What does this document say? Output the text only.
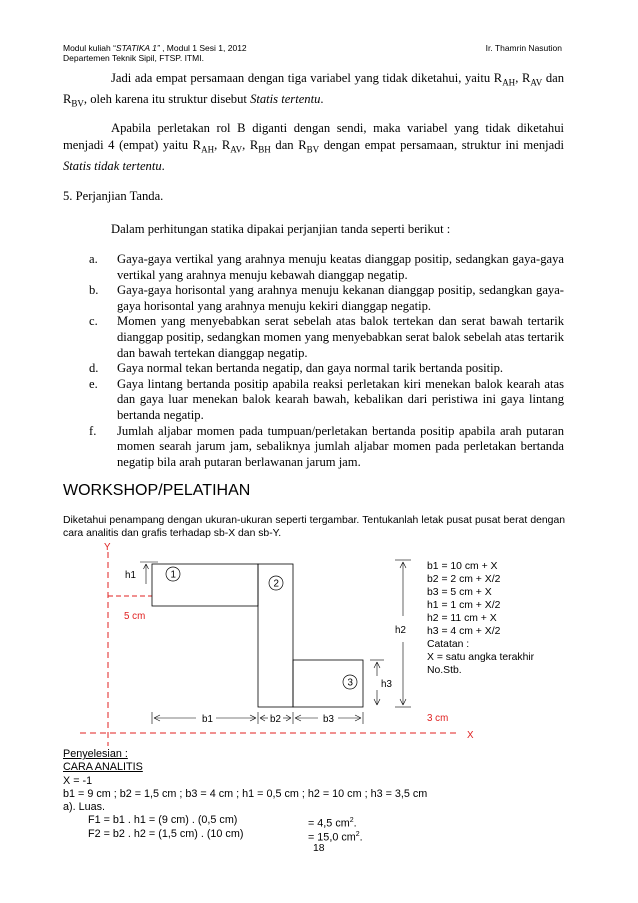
Modul kuliah “STATIKA 1” , Modul 1 Sesi 1, 2012
Departemen Teknik Sipil, FTSP. ITMI.
Ir. Thamrin Nasution
Jadi ada empat persamaan dengan tiga variabel yang tidak diketahui, yaitu $R_{AH}$, $R_{AV}$ dan $R_{BV}$, oleh karena itu struktur disebut Statis tertentu.
Apabila perletakan rol B diganti dengan sendi, maka variabel yang tidak diketahui menjadi 4 (empat) yaitu $R_{AH}$, $R_{AV}$, $R_{BH}$ dan $R_{BV}$ dengan empat persamaan, struktur ini menjadi Statis tidak tertentu.
5. Perjanjian Tanda.
Dalam perhitungan statika dipakai perjanjian tanda seperti berikut :
a.	Gaya-gaya vertikal yang arahnya menuju keatas dianggap positip, sedangkan gaya-gaya vertikal yang arahnya menuju kebawah dianggap negatip.
b.	Gaya-gaya horisontal yang arahnya menuju kekanan dianggap positip, sedangkan gaya-gaya horisontal yang arahnya menuju kekiri dianggap negatip.
c.	Momen yang menyebabkan serat sebelah atas balok tertekan dan serat bawah tertarik dianggap positip, sedangkan momen yang menyebabkan serat balok sebelah atas tertarik dan bawah tertekan dianggap negatip.
d.	Gaya normal tekan bertanda negatip, dan gaya normal tarik bertanda positip.
e.	Gaya lintang bertanda positip apabila reaksi perletakan kiri menekan balok kearah atas dan gaya luar menekan balok kearah bawah, kebalikan dari peristiwa ini gaya lintang bertanda negatip.
f.	Jumlah aljabar momen pada tumpuan/perletakan bertanda positip apabila arah putaran momen searah jarum jam, sebaliknya jumlah aljabar momen pada perletakan bertanda negatip bila arah putaran berlawanan jarum jam.
WORKSHOP/PELATIHAN
Diketahui penampang dengan ukuran-ukuran seperti tergambar. Tentukanlah letak pusat pusat berat dengan cara analitis dan grafis terhadap sb-X dan sb-Y.
Y
X
5 cm
3 cm
1
2
3
h1
h2
h3
b1	b2	b3
b1 = 10 cm + X
b2 = 2 cm + X/2
b3 = 5 cm + X
h1 = 1 cm + X/2
h2 = 11 cm + X
h3 = 4 cm + X/2
Catatan :
X = satu angka terakhir
No.Stb.
Penyelesian :
CARA ANALITIS
X = -1
b1 = 9 cm ; b2 = 1,5 cm ; b3 = 4 cm ; h1 = 0,5 cm ; h2 = 10 cm ; h3 = 3,5 cm
a). Luas.
F1 = b1 . h1 = (9 cm) . (0,5 cm)	= 4,5 $cm^2$.
F2 = b2 . h2 = (1,5 cm) . (10 cm)	= 15,0 $cm^2$.
18
